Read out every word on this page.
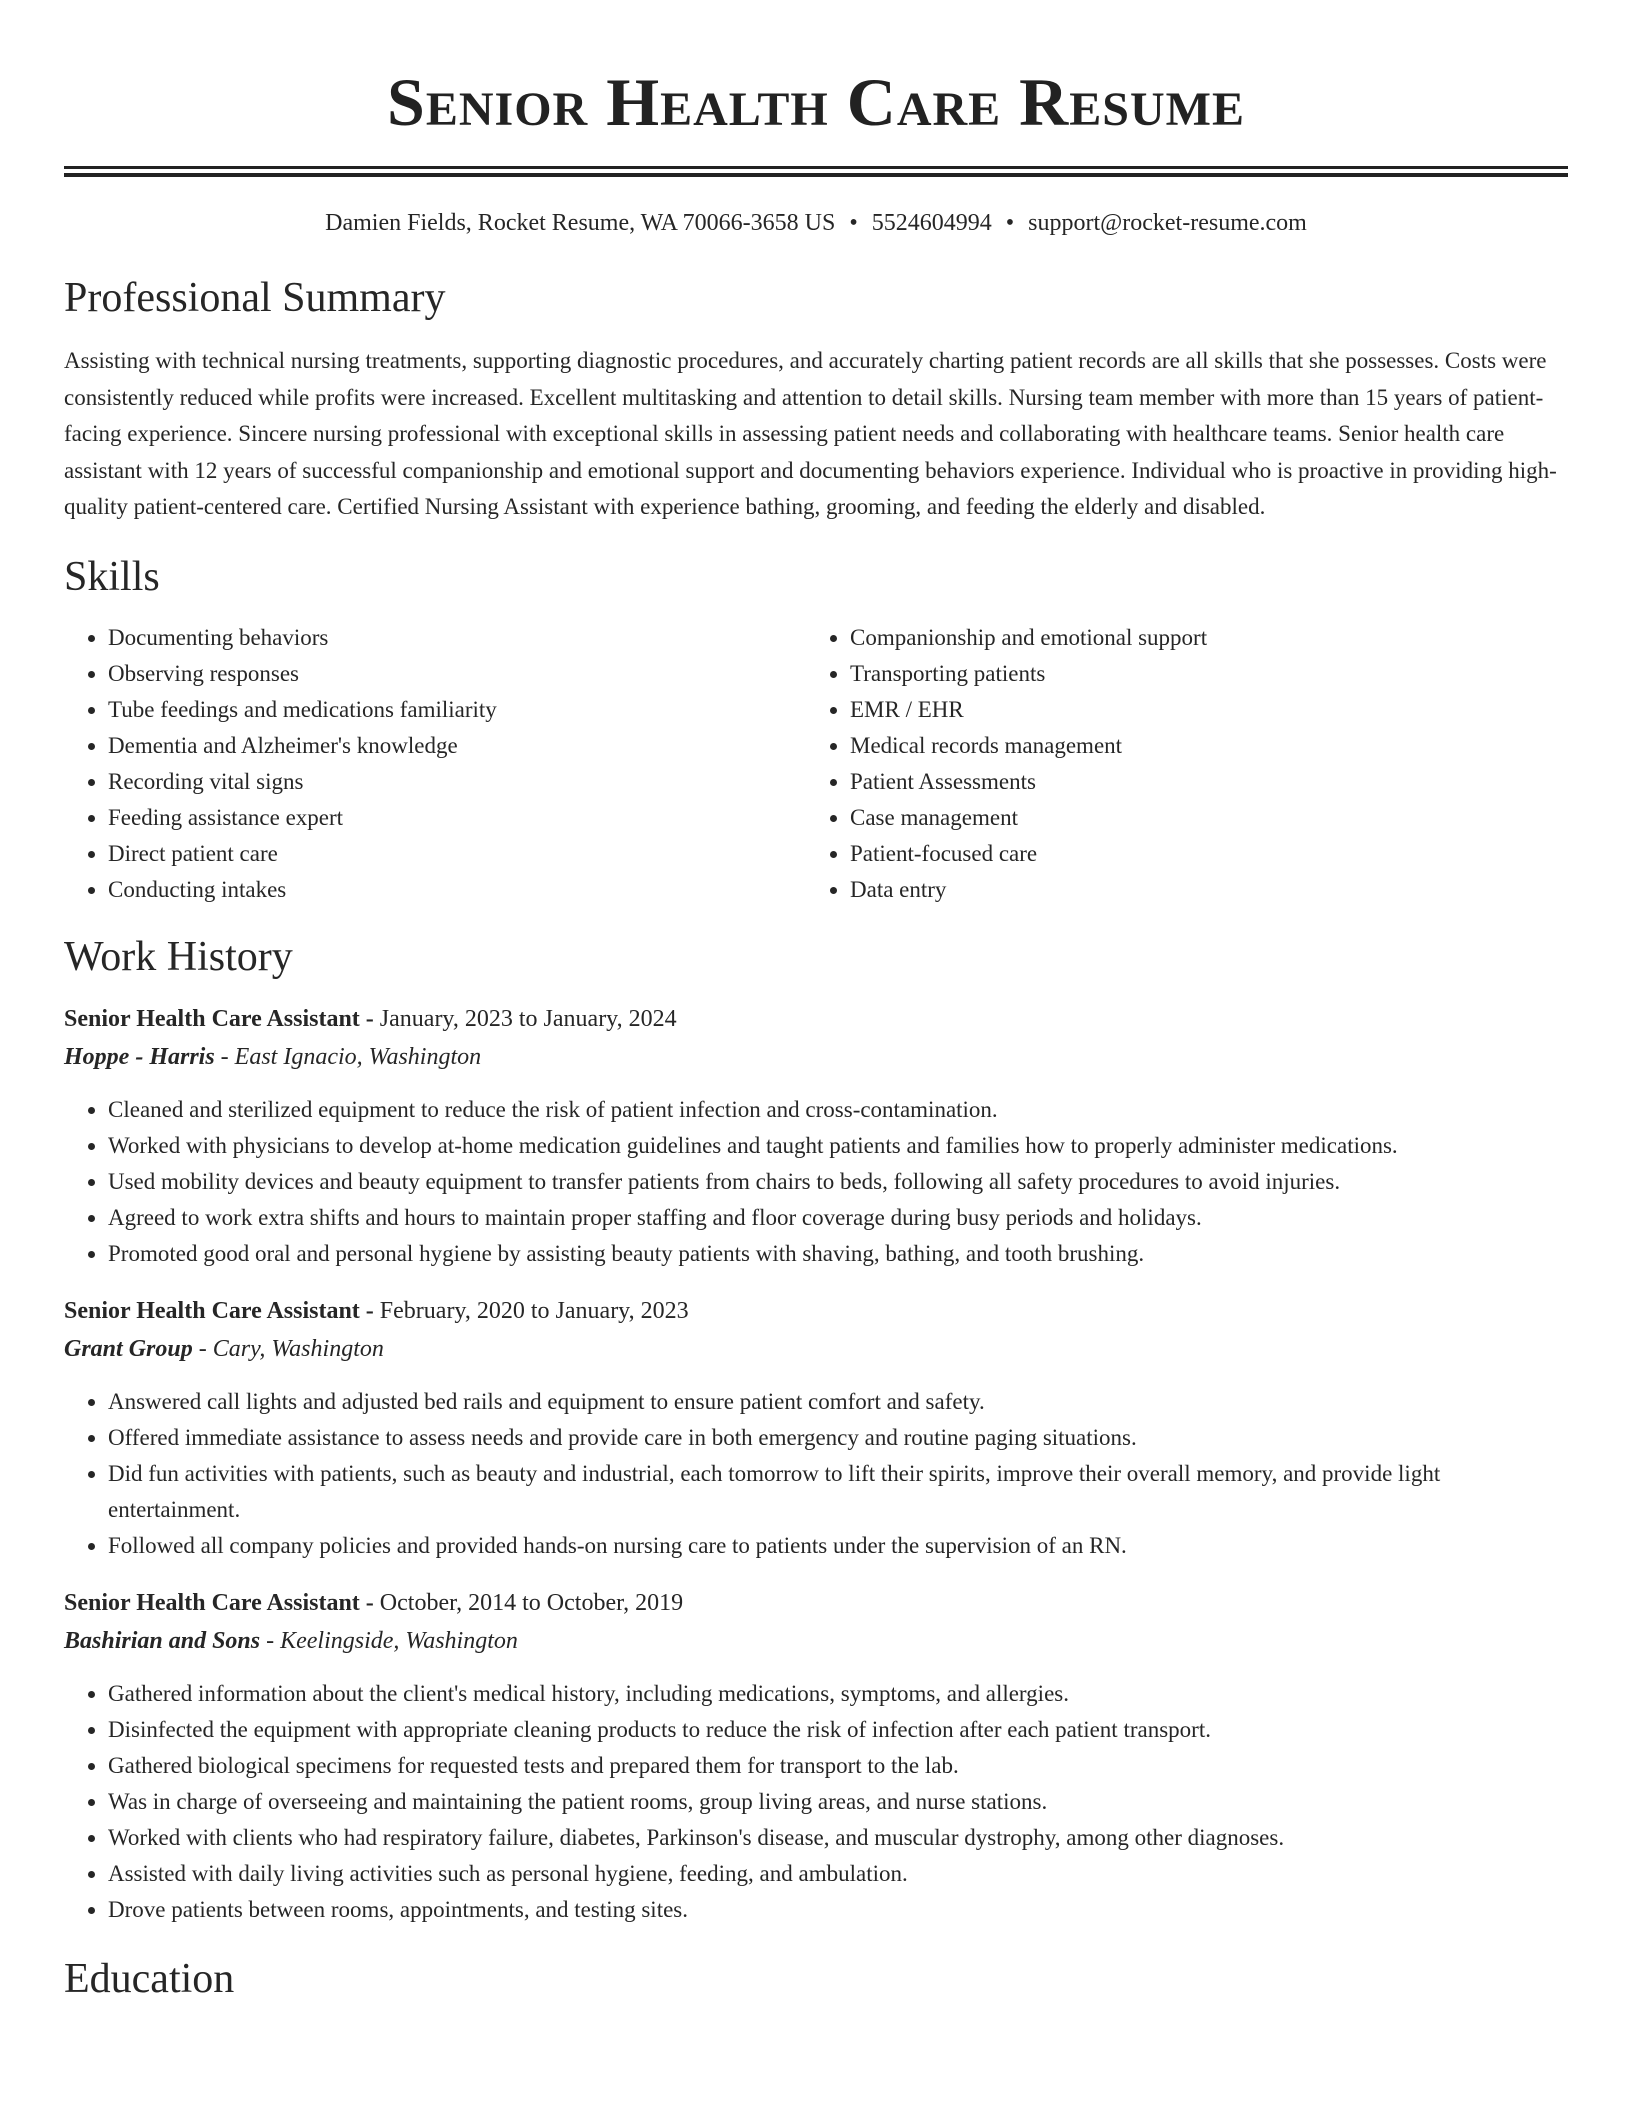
Senior Health Care Resume
Damien Fields, Rocket Resume, WA 70066-3658 US • 5524604994 • support@rocket-resume.com
Professional Summary

Assisting with technical nursing treatments, supporting diagnostic procedures, and accurately charting patient records are all skills that she possesses. Costs were consistently reduced while profits were increased. Excellent multitasking and attention to detail skills. Nursing team member with more than 15 years of patient-facing experience. Sincere nursing professional with exceptional skills in assessing patient needs and collaborating with healthcare teams. Senior health care assistant with 12 years of successful companionship and emotional support and documenting behaviors experience. Individual who is proactive in providing high-quality patient-centered care. Certified Nursing Assistant with experience bathing, grooming, and feeding the elderly and disabled.

Skills
• Documenting behaviors
• Observing responses
• Tube feedings and medications familiarity
• Dementia and Alzheimer's knowledge
• Recording vital signs
• Feeding assistance expert
• Direct patient care
• Conducting intakes
• Companionship and emotional support
• Transporting patients
• EMR / EHR
• Medical records management
• Patient Assessments
• Case management
• Patient-focused care
• Data entry
Work History
Senior Health Care Assistant - January, 2023 to January, 2024
Hoppe - Harris - East Ignacio, Washington
• Cleaned and sterilized equipment to reduce the risk of patient infection and cross-contamination.
• Worked with physicians to develop at-home medication guidelines and taught patients and families how to properly administer medications.
• Used mobility devices and beauty equipment to transfer patients from chairs to beds, following all safety procedures to avoid injuries.
• Agreed to work extra shifts and hours to maintain proper staffing and floor coverage during busy periods and holidays.
• Promoted good oral and personal hygiene by assisting beauty patients with shaving, bathing, and tooth brushing.
Senior Health Care Assistant - February, 2020 to January, 2023
Grant Group - Cary, Washington
• Answered call lights and adjusted bed rails and equipment to ensure patient comfort and safety.
• Offered immediate assistance to assess needs and provide care in both emergency and routine paging situations.
• Did fun activities with patients, such as beauty and industrial, each tomorrow to lift their spirits, improve their overall memory, and provide light entertainment.
• Followed all company policies and provided hands-on nursing care to patients under the supervision of an RN.
Senior Health Care Assistant - October, 2014 to October, 2019
Bashirian and Sons - Keelingside, Washington
• Gathered information about the client's medical history, including medications, symptoms, and allergies.
• Disinfected the equipment with appropriate cleaning products to reduce the risk of infection after each patient transport.
• Gathered biological specimens for requested tests and prepared them for transport to the lab.
• Was in charge of overseeing and maintaining the patient rooms, group living areas, and nurse stations.
• Worked with clients who had respiratory failure, diabetes, Parkinson's disease, and muscular dystrophy, among other diagnoses.
• Assisted with daily living activities such as personal hygiene, feeding, and ambulation.
• Drove patients between rooms, appointments, and testing sites.
Education
